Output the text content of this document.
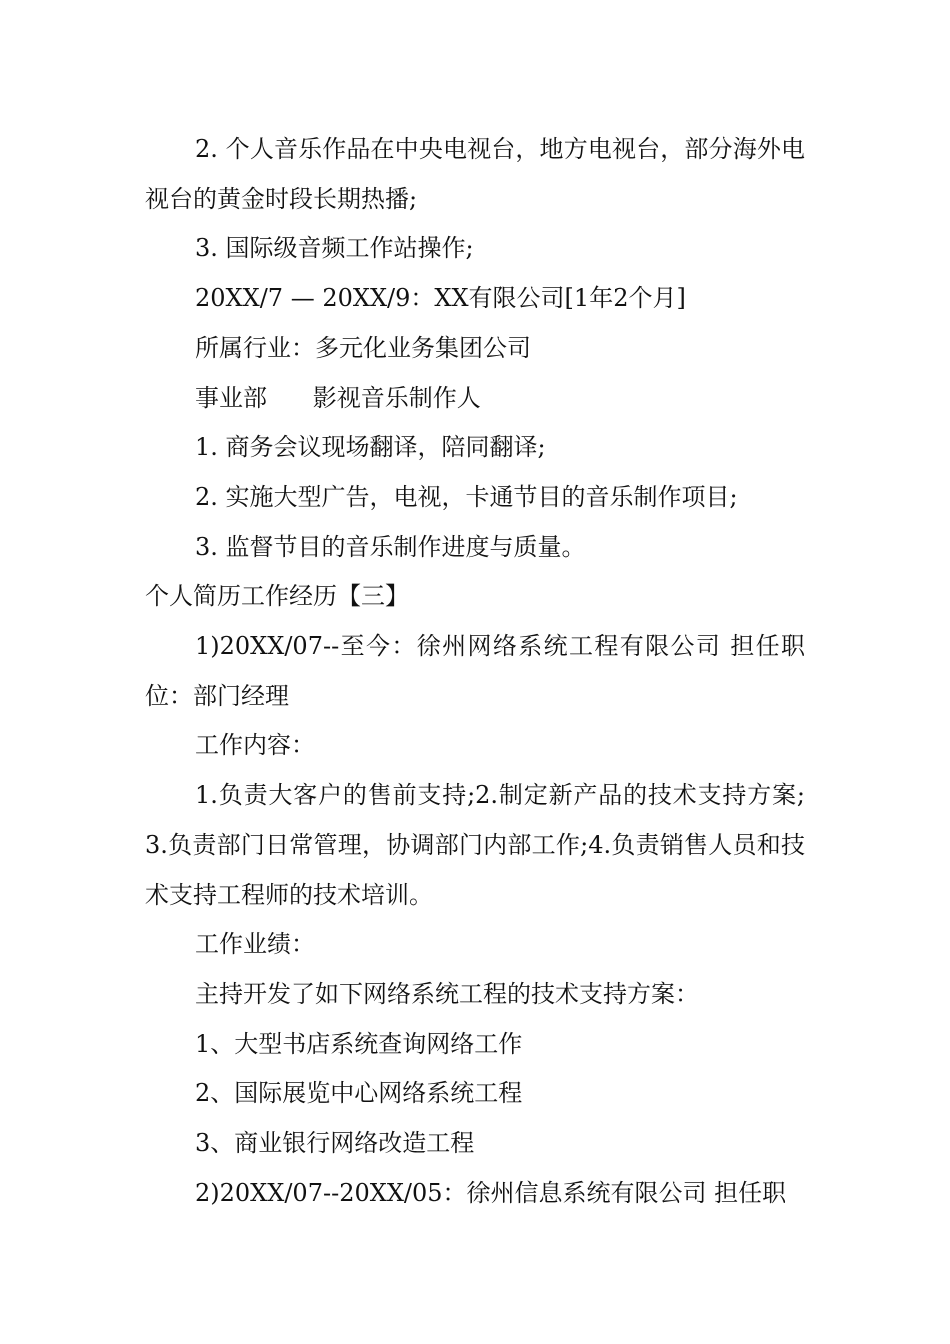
2. 个人音乐作品在中央电视台，地方电视台，部分海外电视台的黄金时段长期热播;

3. 国际级音频工作站操作;

20XX/7 — 20XX/9：XX有限公司[1年2个月]

所属行业：多元化业务集团公司

事业部      影视音乐制作人

1. 商务会议现场翻译，陪同翻译;

2. 实施大型广告，电视，卡通节目的音乐制作项目;

3. 监督节目的音乐制作进度与质量。

个人简历工作经历【三】

1)20XX/07--至今：徐州网络系统工程有限公司 担任职位：部门经理

工作内容：

1.负责大客户的售前支持;2.制定新产品的技术支持方案;3.负责部门日常管理，协调部门内部工作;4.负责销售人员和技术支持工程师的技术培训。

工作业绩：

主持开发了如下网络系统工程的技术支持方案：

1、大型书店系统查询网络工作

2、国际展览中心网络系统工程

3、商业银行网络改造工程

2)20XX/07--20XX/05：徐州信息系统有限公司 担任职
